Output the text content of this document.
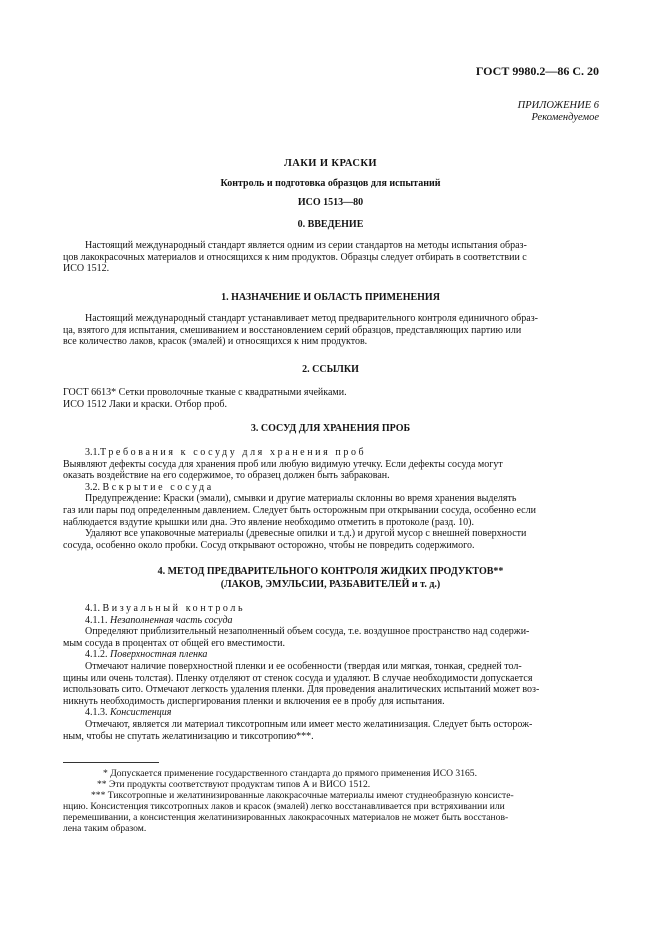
ГОСТ 9980.2—86 С. 20
ПРИЛОЖЕНИЕ 6
Рекомендуемое
ЛАКИ И КРАСКИ
Контроль и подготовка образцов для испытаний
ИСО 1513—80
0. ВВЕДЕНИЕ

Настоящий международный стандарт является одним из серии стандартов на методы испытания образ-

цов лакокрасочных материалов и относящихся к ним продуктов. Образцы следует отбирать в соответствии с

ИСО 1512.

1. НАЗНАЧЕНИЕ И ОБЛАСТЬ ПРИМЕНЕНИЯ

Настоящий международный стандарт устанавливает метод предварительного контроля единичного образ-

ца, взятого для испытания, смешиванием и восстановлением серий образцов, представляющих партию или

все количество лаков, красок (эмалей) и относящихся к ним продуктов.

2. ССЫЛКИ

ГОСТ 6613* Сетки проволочные тканые с квадратными ячейками.

ИСО 1512 Лаки и краски. Отбор проб.

3. СОСУД ДЛЯ ХРАНЕНИЯ ПРОБ

3.1.Требования к сосуду для хранения проб

Выявляют дефекты сосуда для хранения проб или любую видимую утечку. Если дефекты сосуда могут

оказать воздействие на его содержимое, то образец должен быть забракован.

3.2. Вскрытие сосуда

Предупреждение: Краски (эмали), смывки и другие материалы склонны во время хранения выделять

газ или пары под определенным давлением. Следует быть осторожным при открывании сосуда, особенно если

наблюдается вздутие крышки или дна. Это явление необходимо отметить в протоколе (разд. 10).

Удаляют все упаковочные материалы (древесные опилки и т.д.) и другой мусор с внешней поверхности

сосуда, особенно около пробки. Сосуд открывают осторожно, чтобы не повредить содержимого.

4. МЕТОД ПРЕДВАРИТЕЛЬНОГО КОНТРОЛЯ ЖИДКИХ ПРОДУКТОВ**
(ЛАКОВ, ЭМУЛЬСИИ, РАЗБАВИТЕЛЕЙ и т. д.)

4.1. Визуальный контроль

4.1.1. Незаполненная часть сосуда

Определяют приблизительный незаполненный объем сосуда, т.е. воздушное пространство над содержи-

мым сосуда в процентах от общей его вместимости.

4.1.2. Поверхностная пленка

Отмечают наличие поверхностной пленки и ее особенности (твердая или мягкая, тонкая, средней тол-

щины или очень толстая). Пленку отделяют от стенок сосуда и удаляют. В случае необходимости допускается

использовать сито. Отмечают легкость удаления пленки. Для проведения аналитических испытаний может воз-

никнуть необходимость диспергирования пленки и включения ее в пробу для испытания.

4.1.3. Консистенция

Отмечают, является ли материал тиксотропным или имеет место желатинизация. Следует быть осторож-

ным, чтобы не спутать желатинизацию и тиксотропию***.

* Допускается применение государственного стандарта до прямого применения ИСО 3165.

** Эти продукты соответствуют продуктам типов А и ВИСО 1512.

*** Тиксотропные и желатинизированные лакокрасочные материалы имеют студнеобразную консисте-

нцию. Консистенция тиксотропных лаков и красок (эмалей) легко восстанавливается при встряхивании или

перемешивании, а консистенция желатинизированных лакокрасочных материалов не может быть восстанов-

лена таким образом.
